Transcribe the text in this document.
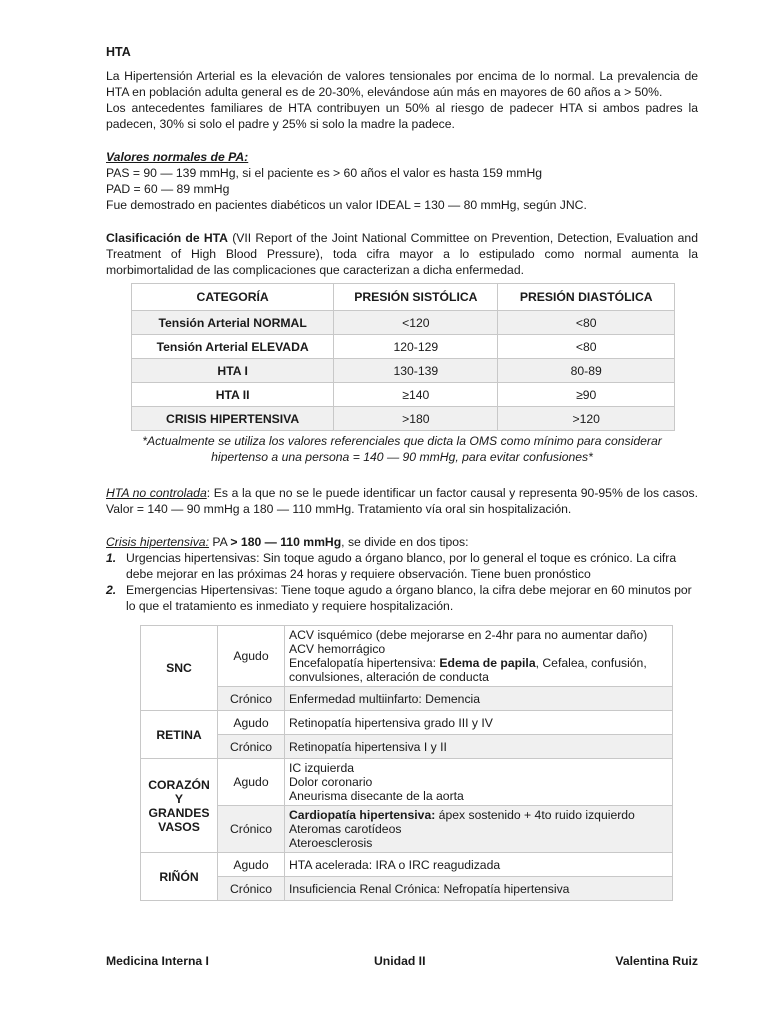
HTA

La Hipertensión Arterial es la elevación de valores tensionales por encima de lo normal. La prevalencia de HTA en población adulta general es de 20-30%, elevándose aún más en mayores de 60 años a > 50%.
Los antecedentes familiares de HTA contribuyen un 50% al riesgo de padecer HTA si ambos padres la padecen, 30% si solo el padre y 25% si solo la madre la padece.

Valores normales de PA:
PAS = 90 — 139 mmHg, si el paciente es > 60 años el valor es hasta 159 mmHg
PAD = 60 — 89 mmHg
Fue demostrado en pacientes diabéticos un valor IDEAL = 130 — 80 mmHg, según JNC.

Clasificación de HTA (VII Report of the Joint National Committee on Prevention, Detection, Evaluation and Treatment of High Blood Pressure), toda cifra mayor a lo estipulado como normal aumenta la morbimortalidad de las complicaciones que caracterizan a dicha enfermedad.

CATEGORÍA	PRESIÓN SISTÓLICA	PRESIÓN DIASTÓLICA
Tensión Arterial NORMAL	<120	<80
Tensión Arterial ELEVADA	120-129	<80
HTA I	130-139	80-89
HTA II	≥140	≥90
CRISIS HIPERTENSIVA	>180	>120

*Actualmente se utiliza los valores referenciales que dicta la OMS como mínimo para considerar
hipertenso a una persona = 140 — 90 mmHg, para evitar confusiones*

HTA no controlada: Es a la que no se le puede identificar un factor causal y representa 90-95% de los casos. Valor = 140 — 90 mmHg a 180 — 110 mmHg. Tratamiento vía oral sin hospitalización.

Crisis hipertensiva: PA > 180 — 110 mmHg, se divide en dos tipos:

1. Urgencias hipertensivas: Sin toque agudo a órgano blanco, por lo general el toque es crónico. La cifra debe mejorar en las próximas 24 horas y requiere observación. Tiene buen pronóstico
2. Emergencias Hipertensivas: Tiene toque agudo a órgano blanco, la cifra debe mejorar en 60 minutos por lo que el tratamiento es inmediato y requiere hospitalización.
SNC	Agudo	ACV isquémico (debe mejorarse en 2-4hr para no aumentar daño)
ACV hemorrágico
Encefalopatía hipertensiva: Edema de papila, Cefalea, confusión,
convulsiones, alteración de conducta
	Crónico	Enfermedad multiinfarto: Demencia
RETINA	Agudo	Retinopatía hipertensiva grado III y IV
	Crónico	Retinopatía hipertensiva I y II
CORAZÓN
Y
GRANDES
VASOS	Agudo	IC izquierda
Dolor coronario
Aneurisma disecante de la aorta
	Crónico	Cardiopatía hipertensiva: ápex sostenido + 4to ruido izquierdo
Ateromas carotídeos
Ateroesclerosis
RIÑÓN	Agudo	HTA acelerada: IRA o IRC reagudizada
	Crónico	Insuficiencia Renal Crónica: Nefropatía hipertensiva
Medicina Interna I	Unidad II	Valentina Ruiz
